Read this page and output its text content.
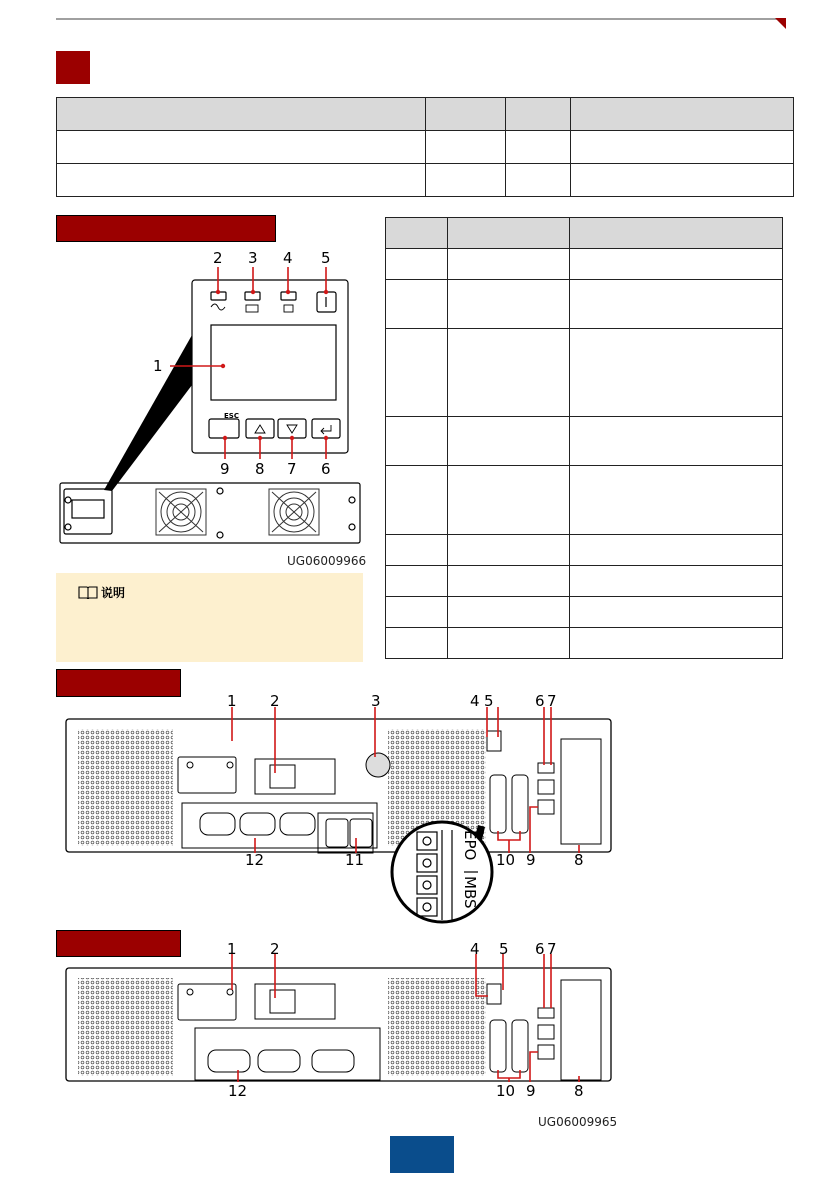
ESC
1
2 3 4 5
6
7
8
9
UG06009966
说明

1 2	3	4 5	6 7
8
9
10
11
12	EPO
MBS
1 2	4 5 6 7
8
9
10
12
UG06009965
